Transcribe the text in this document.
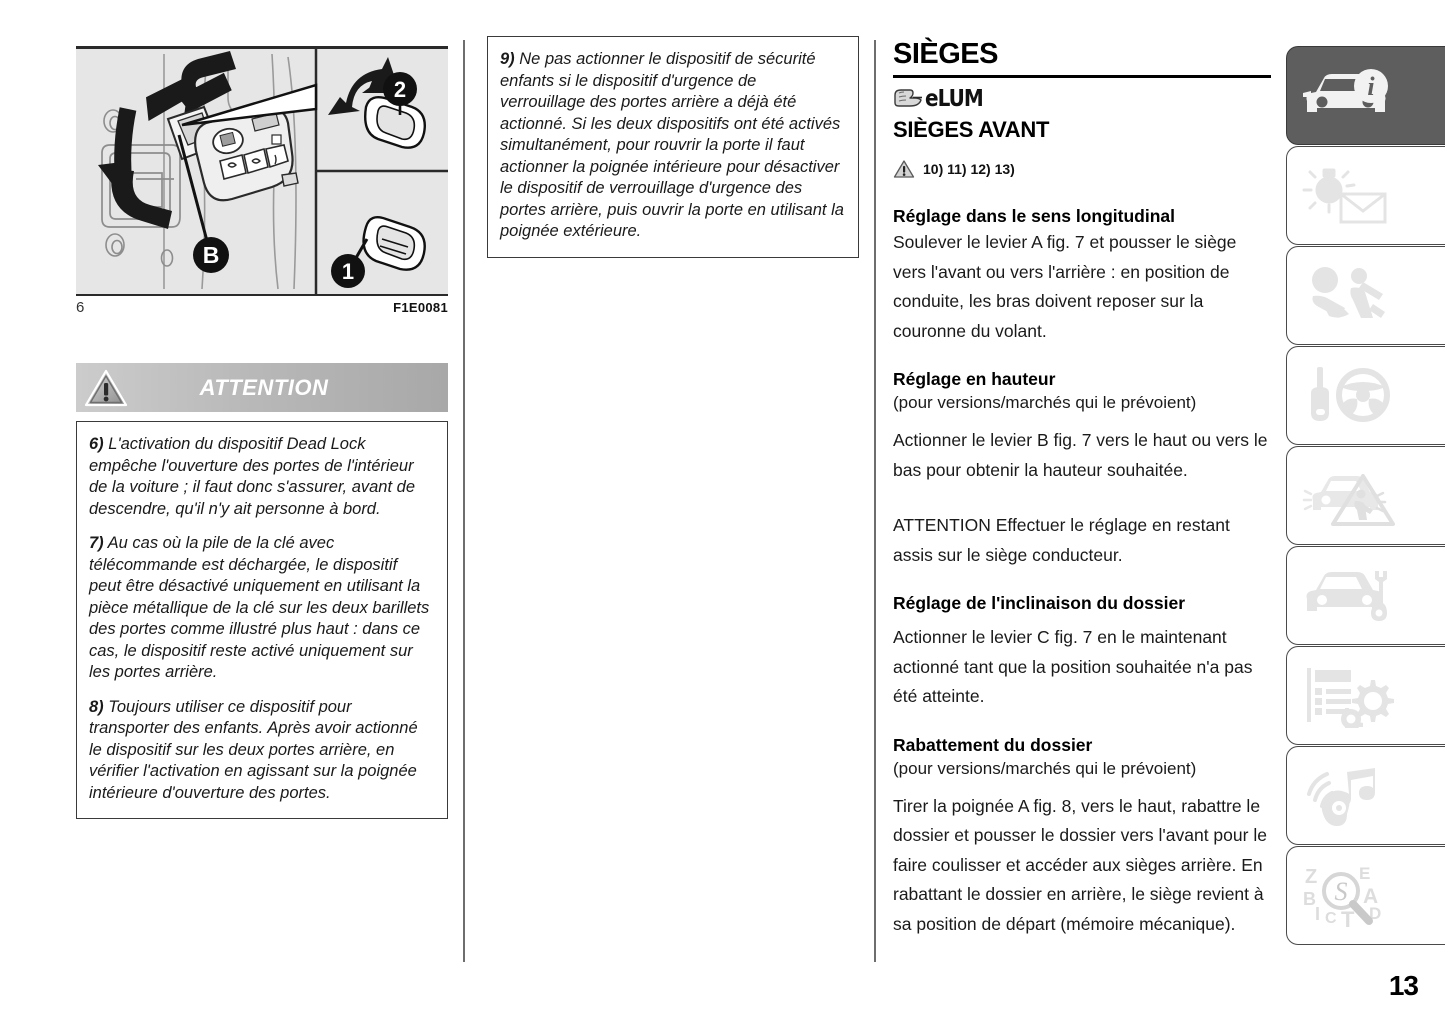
B
2
1
6	F1E0081
ATTENTION

6) L'activation du dispositif Dead Lock empêche l'ouverture des portes de l'intérieur de la voiture ; il faut donc s'assurer, avant de descendre, qu'il n'y ait personne à bord.

7) Au cas où la pile de la clé avec télécommande est déchargée, le dispositif peut être désactivé uniquement en utilisant la pièce métallique de la clé sur les deux barillets des portes comme illustré plus haut : dans ce cas, le dispositif reste activé uniquement sur les portes arrière.

8) Toujours utiliser ce dispositif pour transporter des enfants. Après avoir actionné le dispositif sur les deux portes arrière, en vérifier l'activation en agissant sur la poignée intérieure d'ouverture des portes.

9) Ne pas actionner le dispositif de sécurité enfants si le dispositif d'urgence de verrouillage des portes arrière a déjà été actionné. Si les deux dispositifs ont été activés simultanément, pour rouvrir la porte il faut actionner la poignée intérieure pour désactiver le dispositif de verrouillage d'urgence des portes arrière, puis ouvrir la porte en utilisant la poignée extérieure.

SIÈGES
eLUM
SIÈGES AVANT
10) 11) 12) 13)

Réglage dans le sens longitudinal

Soulever le levier A fig. 7 et pousser le siège vers l'avant ou vers l'arrière : en position de conduite, les bras doivent reposer sur la couronne du volant.

Réglage en hauteur

(pour versions/marchés qui le prévoient)

Actionner le levier B fig. 7 vers le haut ou vers le bas pour obtenir la hauteur souhaitée.

ATTENTION Effectuer le réglage en restant assis sur le siège conducteur.

Réglage de l'inclinaison du dossier

Actionner le levier C fig. 7 en le maintenant actionné tant que la position souhaitée n'a pas été atteinte.

Rabattement du dossier

(pour versions/marchés qui le prévoient)

Tirer la poignée A fig. 8, vers le haut, rabattre le dossier et pousser le dossier vers l'avant pour le faire coulisser et accéder aux sièges arrière. En rabattant le dossier en arrière, le siège revient à sa position de départ (mémoire mécanique).

i
Z
B
I C T
E
A
D
S
13
